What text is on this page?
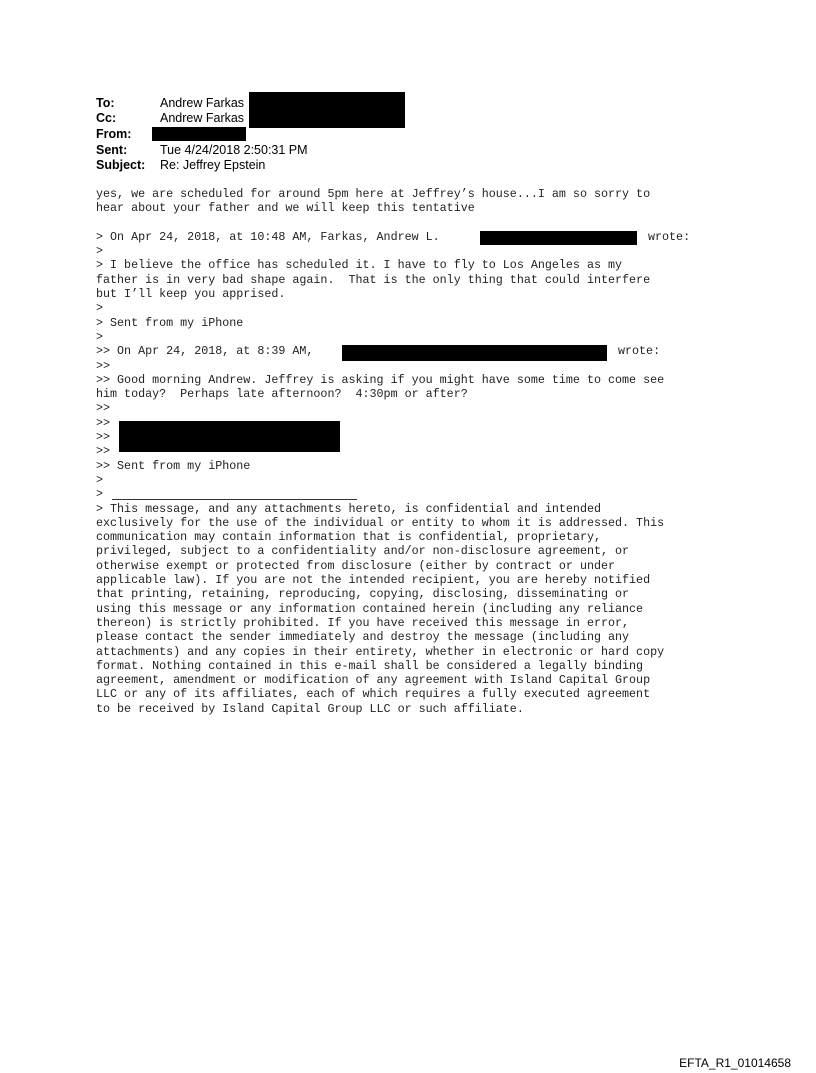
To:	Andrew Farkas
Cc:	Andrew Farkas
From:
Sent:	Tue 4/24/2018 2:50:31 PM
Subject: Re: Jeffrey Epstein
yes, we are scheduled for around 5pm here at Jeffrey’s house...I am so sorry to
hear about your father and we will keep this tentative
> On Apr 24, 2018, at 10:48 AM, Farkas, Andrew L.	wrote:
>
> I believe the office has scheduled it. I have to fly to Los Angeles as my
father is in very bad shape again.  That is the only thing that could interfere
but I’ll keep you apprised.
>
> Sent from my iPhone
>
>> On Apr 24, 2018, at 8:39 AM,	wrote:
>>
>> Good morning Andrew. Jeffrey is asking if you might have some time to come see
him today?  Perhaps late afternoon?  4:30pm or after?
>>
>>
>>
>>
>> Sent from my iPhone
>
>
> This message, and any attachments hereto, is confidential and intended
exclusively for the use of the individual or entity to whom it is addressed. This
communication may contain information that is confidential, proprietary,
privileged, subject to a confidentiality and/or non-disclosure agreement, or
otherwise exempt or protected from disclosure (either by contract or under
applicable law). If you are not the intended recipient, you are hereby notified
that printing, retaining, reproducing, copying, disclosing, disseminating or
using this message or any information contained herein (including any reliance
thereon) is strictly prohibited. If you have received this message in error,
please contact the sender immediately and destroy the message (including any
attachments) and any copies in their entirety, whether in electronic or hard copy
format. Nothing contained in this e-mail shall be considered a legally binding
agreement, amendment or modification of any agreement with Island Capital Group
LLC or any of its affiliates, each of which requires a fully executed agreement
to be received by Island Capital Group LLC or such affiliate.
EFTA_R1_01014658
